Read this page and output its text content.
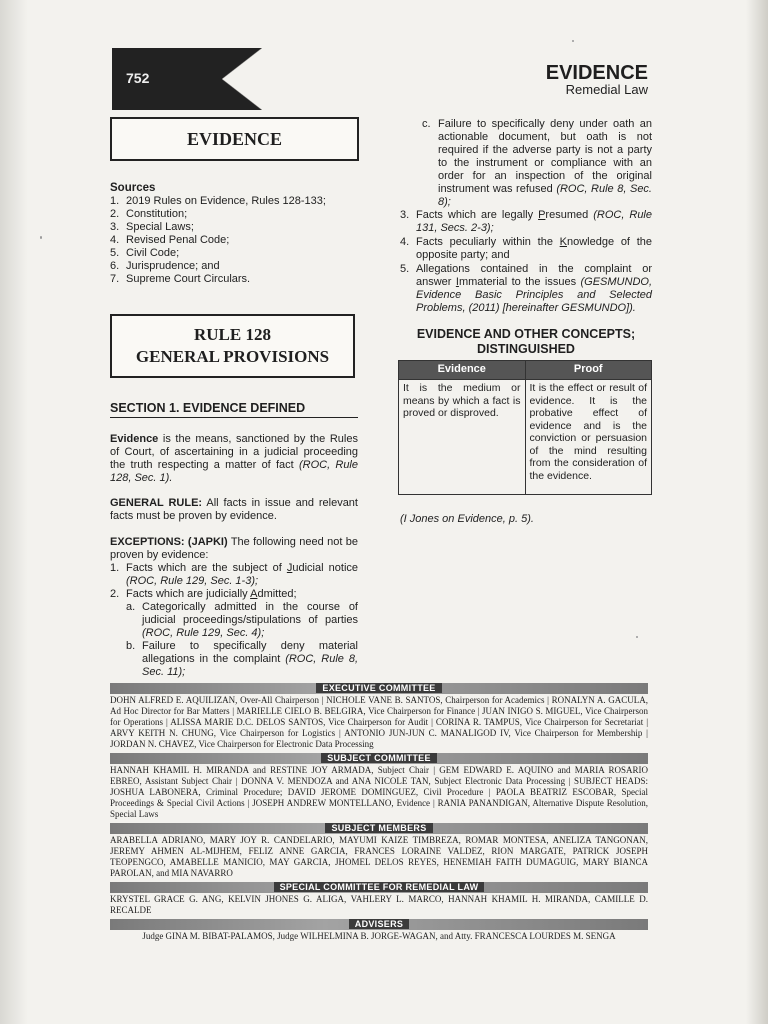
752	EVIDENCE
Remedial Law
EVIDENCE
Sources
1. 2019 Rules on Evidence, Rules 128-133;
2. Constitution;
3. Special Laws;
4. Revised Penal Code;
5. Civil Code;
6. Jurisprudence; and
7. Supreme Court Circulars.
RULE 128
GENERAL PROVISIONS
SECTION 1. EVIDENCE DEFINED
Evidence is the means, sanctioned by the Rules of Court, of ascertaining in a judicial proceeding the truth respecting a matter of fact (ROC, Rule 128, Sec. 1).
GENERAL RULE: All facts in issue and relevant facts must be proven by evidence.
EXCEPTIONS: (JAPKI) The following need not be proven by evidence:
1. Facts which are the subject of Judicial notice (ROC, Rule 129, Sec. 1-3);
2. Facts which are judicially Admitted;
a. Categorically admitted in the course of judicial proceedings/stipulations of parties (ROC, Rule 129, Sec. 4);
b. Failure to specifically deny material allegations in the complaint (ROC, Rule 8, Sec. 11);
c. Failure to specifically deny under oath an actionable document, but oath is not required if the adverse party is not a party to the instrument or compliance with an order for an inspection of the original instrument was refused (ROC, Rule 8, Sec. 8);
3. Facts which are legally Presumed (ROC, Rule 131, Secs. 2-3);
4. Facts peculiarly within the Knowledge of the opposite party; and
5. Allegations contained in the complaint or answer Immaterial to the issues (GESMUNDO, Evidence Basic Principles and Selected Problems, (2011) [hereinafter GESMUNDO]).
EVIDENCE AND OTHER CONCEPTS; DISTINGUISHED
Evidence	Proof
It is the medium or means by which a fact is proved or disproved.	It is the effect or result of evidence. It is the probative effect of evidence and is the conviction or persuasion of the mind resulting from the consideration of the evidence.
(I Jones on Evidence, p. 5).
EXECUTIVE COMMITTEE
DOHN ALFRED E. AQUILIZAN, Over-All Chairperson | NICHOLE VANE B. SANTOS, Chairperson for Academics | RONALYN A. GACULA, Ad Hoc Director for Bar Matters | MARIELLE CIELO B. BELGIRA, Vice Chairperson for Finance | JUAN INIGO S. MIGUEL, Vice Chairperson for Operations | ALISSA MARIE D.C. DELOS SANTOS, Vice Chairperson for Audit | CORINA R. TAMPUS, Vice Chairperson for Secretariat | ARVY KEITH N. CHUNG, Vice Chairperson for Logistics | ANTONIO JUN-JUN C. MANALIGOD IV, Vice Chairperson for Membership | JORDAN N. CHAVEZ, Vice Chairperson for Electronic Data Processing
SUBJECT COMMITTEE
HANNAH KHAMIL H. MIRANDA and RESTINE JOY ARMADA, Subject Chair | GEM EDWARD E. AQUINO and MARIA ROSARIO EBREO, Assistant Subject Chair | DONNA V. MENDOZA and ANA NICOLE TAN, Subject Electronic Data Processing | SUBJECT HEADS: JOSHUA LABONERA, Criminal Procedure; DAVID JEROME DOMINGUEZ, Civil Procedure | PAOLA BEATRIZ ESCOBAR, Special Proceedings & Special Civil Actions | JOSEPH ANDREW MONTELLANO, Evidence | RANIA PANANDIGAN, Alternative Dispute Resolution, Special Laws
SUBJECT MEMBERS
ARABELLA ADRIANO, MARY JOY R. CANDELARIO, MAYUMI KAIZE TIMBREZA, ROMAR MONTESA, ANELIZA TANGONAN, JEREMY AHMEN AL-MIJHEM, FELIZ ANNE GARCIA, FRANCES LORAINE VALDEZ, RION MARGATE, PATRICK JOSEPH TEOPENGCO, AMABELLE MANICIO, MAY GARCIA, JHOMEL DELOS REYES, HENEMIAH FAITH DUMAGUIG, MARY BIANCA PAROLAN, and MIA NAVARRO
SPECIAL COMMITTEE FOR REMEDIAL LAW
KRYSTEL GRACE G. ANG, KELVIN JHONES G. ALIGA, VAHLERY L. MARCO, HANNAH KHAMIL H. MIRANDA, CAMILLE D. RECALDE
ADVISERS
Judge GINA M. BIBAT-PALAMOS, Judge WILHELMINA B. JORGE-WAGAN, and Atty. FRANCESCA LOURDES M. SENGA
